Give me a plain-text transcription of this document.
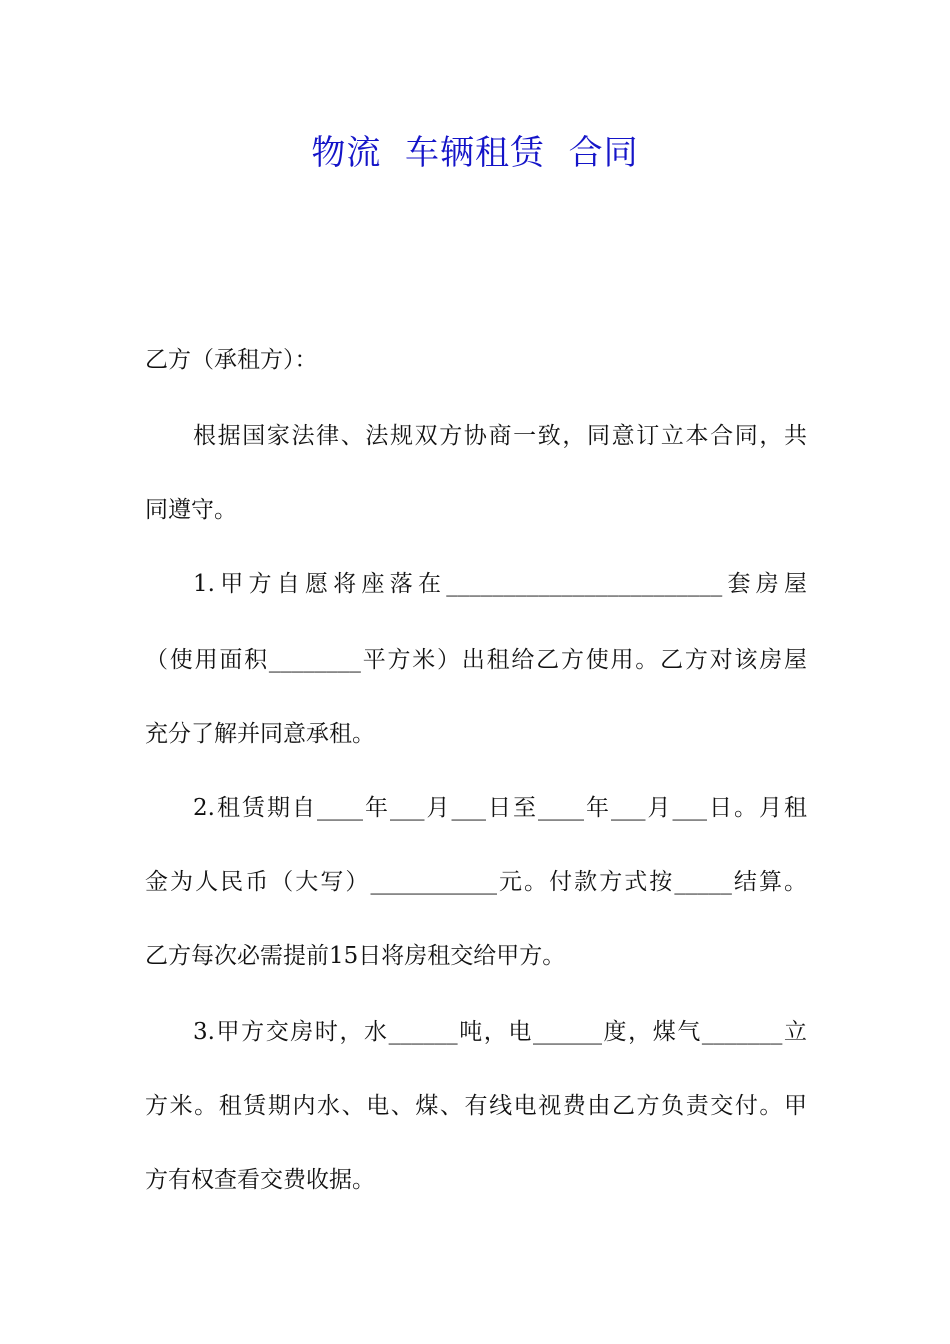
物流  车辆租赁  合同
乙方（承租方）：
根据国家法律、法规双方协商一致，同意订立本合同，共
同遵守。
1.甲方自愿将座落在________________________套房屋
（使用面积________平方米）出租给乙方使用。乙方对该房屋
充分了解并同意承租。
2.租赁期自____年___月___日至____年___月___日。月租
金为人民币（大写）___________元。付款方式按_____结算。
乙方每次必需提前15日将房租交给甲方。
3.甲方交房时，水______吨，电______度，煤气_______立
方米。租赁期内水、电、煤、有线电视费由乙方负责交付。甲
方有权查看交费收据。
